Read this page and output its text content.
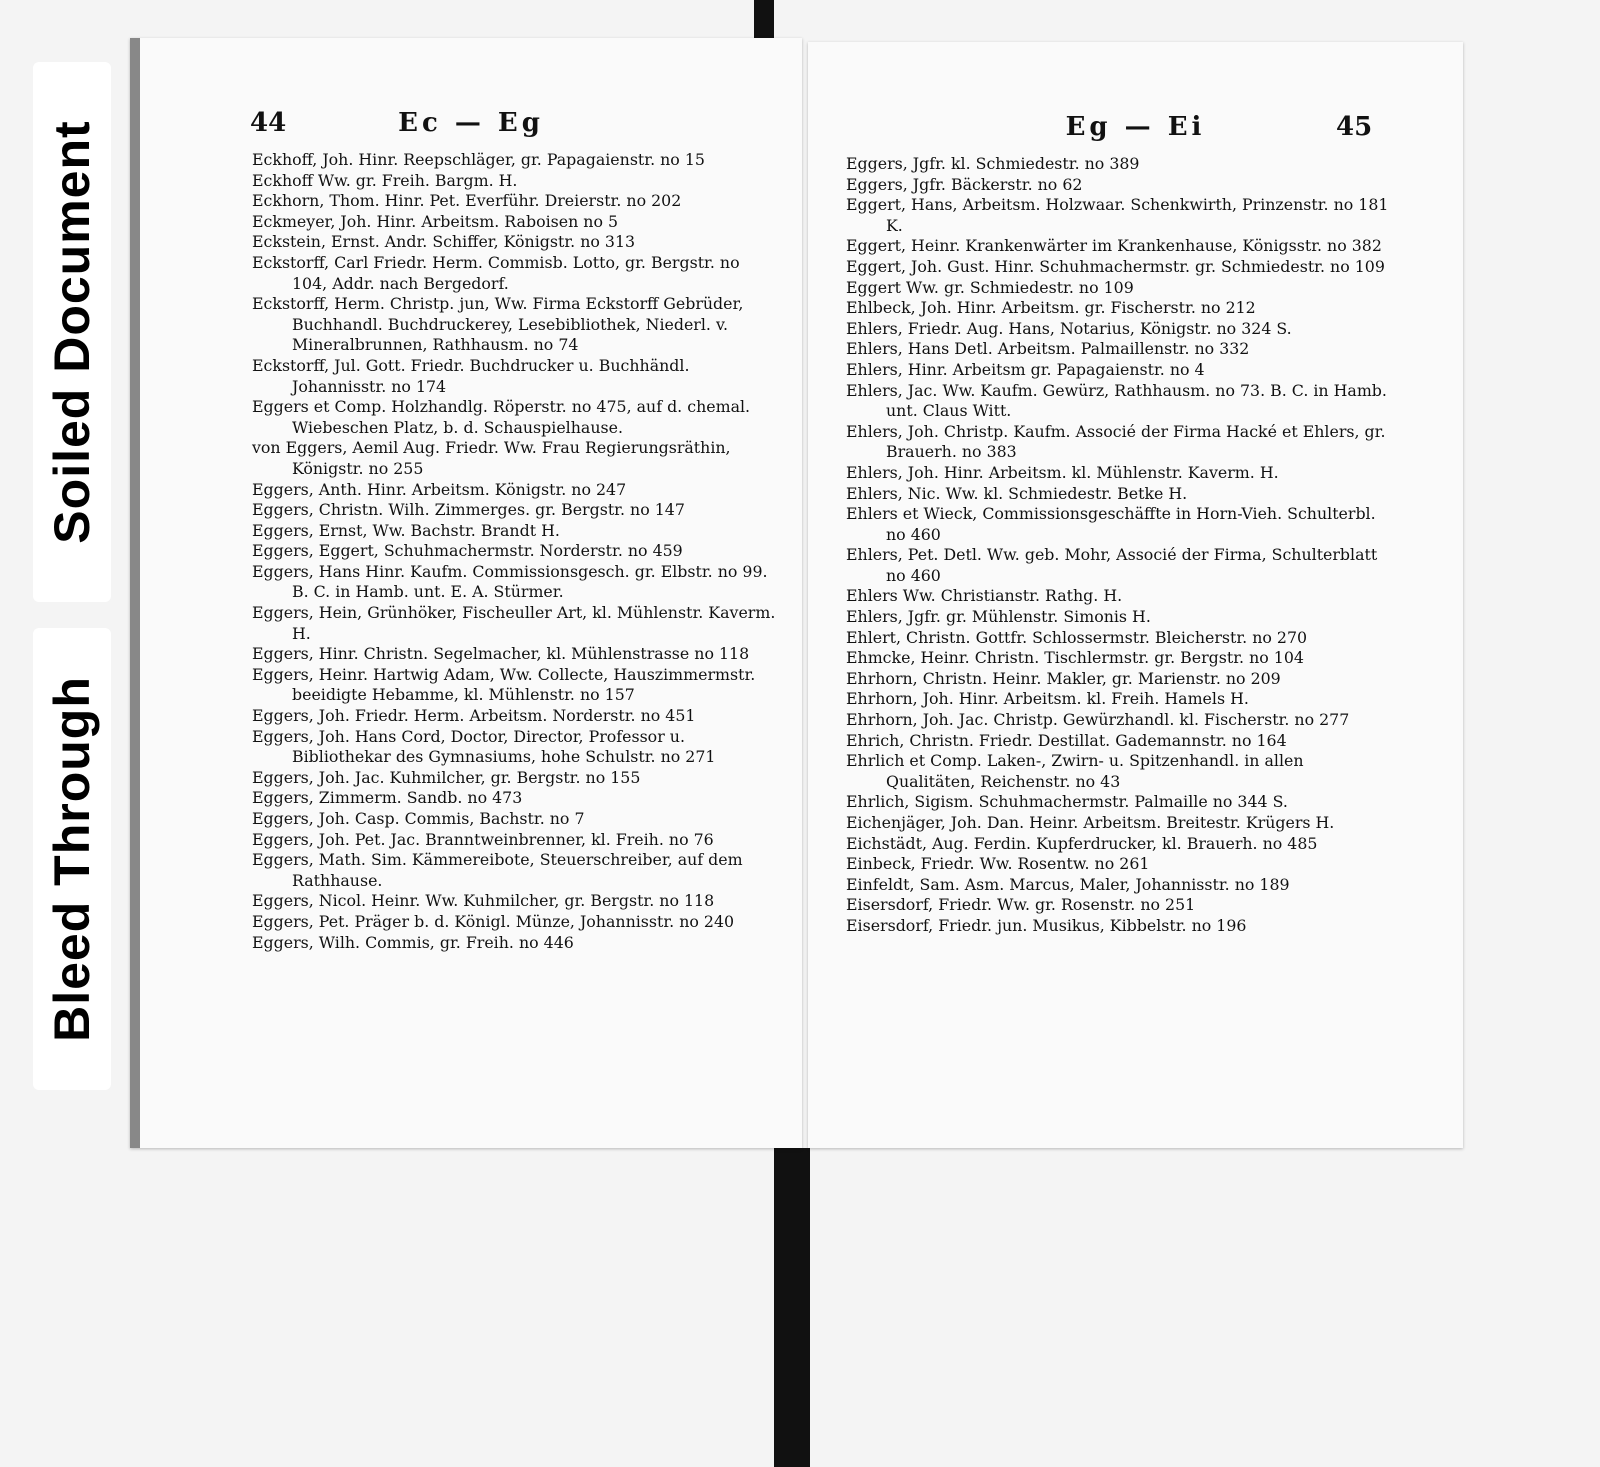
Soiled Document
Bleed Through
44	Ec — Eg
Eckhoff, Joh. Hinr. Reepschläger, gr. Papagaienstr. no 15
Eckhoff Ww. gr. Freih. Bargm. H.
Eckhorn, Thom. Hinr. Pet. Everführ. Dreierstr. no 202
Eckmeyer, Joh. Hinr. Arbeitsm. Raboisen no 5
Eckstein, Ernst. Andr. Schiffer, Königstr. no 313
Eckstorff, Carl Friedr. Herm. Commisb. Lotto, gr. Bergstr. no 104, Addr. nach Bergedorf.
Eckstorff, Herm. Christp. jun, Ww. Firma Eckstorff Gebrüder, Buchhandl. Buchdruckerey, Lesebibliothek, Niederl. v. Mineralbrunnen, Rathhausm. no 74
Eckstorff, Jul. Gott. Friedr. Buchdrucker u. Buchhändl. Johannisstr. no 174
Eggers et Comp. Holzhandlg. Röperstr. no 475, auf d. chemal. Wiebeschen Platz, b. d. Schauspielhause.
von Eggers, Aemil Aug. Friedr. Ww. Frau Regierungsräthin, Königstr. no 255
Eggers, Anth. Hinr. Arbeitsm. Königstr. no 247
Eggers, Christn. Wilh. Zimmerges. gr. Bergstr. no 147
Eggers, Ernst, Ww. Bachstr. Brandt H.
Eggers, Eggert, Schuhmachermstr. Norderstr. no 459
Eggers, Hans Hinr. Kaufm. Commissionsgesch. gr. Elbstr. no 99. B. C. in Hamb. unt. E. A. Stürmer.
Eggers, Hein, Grünhöker, Fischeuller Art, kl. Mühlenstr. Kaverm. H.
Eggers, Hinr. Christn. Segelmacher, kl. Mühlenstrasse no 118
Eggers, Heinr. Hartwig Adam, Ww. Collecte, Hauszimmermstr. beeidigte Hebamme, kl. Mühlenstr. no 157
Eggers, Joh. Friedr. Herm. Arbeitsm. Norderstr. no 451
Eggers, Joh. Hans Cord, Doctor, Director, Professor u. Bibliothekar des Gymnasiums, hohe Schulstr. no 271
Eggers, Joh. Jac. Kuhmilcher, gr. Bergstr. no 155
Eggers, Zimmerm. Sandb. no 473
Eggers, Joh. Casp. Commis, Bachstr. no 7
Eggers, Joh. Pet. Jac. Branntweinbrenner, kl. Freih. no 76
Eggers, Math. Sim. Kämmereibote, Steuerschreiber, auf dem Rathhause.
Eggers, Nicol. Heinr. Ww. Kuhmilcher, gr. Bergstr. no 118
Eggers, Pet. Präger b. d. Königl. Münze, Johannisstr. no 240
Eggers, Wilh. Commis, gr. Freih. no 446
Eg — Ei	45
Eggers, Jgfr. kl. Schmiedestr. no 389
Eggers, Jgfr. Bäckerstr. no 62
Eggert, Hans, Arbeitsm. Holzwaar. Schenkwirth, Prinzenstr. no 181 K.
Eggert, Heinr. Krankenwärter im Krankenhause, Königsstr. no 382
Eggert, Joh. Gust. Hinr. Schuhmachermstr. gr. Schmiedestr. no 109
Eggert Ww. gr. Schmiedestr. no 109
Ehlbeck, Joh. Hinr. Arbeitsm. gr. Fischerstr. no 212
Ehlers, Friedr. Aug. Hans, Notarius, Königstr. no 324 S.
Ehlers, Hans Detl. Arbeitsm. Palmaillenstr. no 332
Ehlers, Hinr. Arbeitsm gr. Papagaienstr. no 4
Ehlers, Jac. Ww. Kaufm. Gewürz, Rathhausm. no 73. B. C. in Hamb. unt. Claus Witt.
Ehlers, Joh. Christp. Kaufm. Associé der Firma Hacké et Ehlers, gr. Brauerh. no 383
Ehlers, Joh. Hinr. Arbeitsm. kl. Mühlenstr. Kaverm. H.
Ehlers, Nic. Ww. kl. Schmiedestr. Betke H.
Ehlers et Wieck, Commissionsgeschäffte in Horn-Vieh. Schulterbl. no 460
Ehlers, Pet. Detl. Ww. geb. Mohr, Associé der Firma, Schulterblatt no 460
Ehlers Ww. Christianstr. Rathg. H.
Ehlers, Jgfr. gr. Mühlenstr. Simonis H.
Ehlert, Christn. Gottfr. Schlossermstr. Bleicherstr. no 270
Ehmcke, Heinr. Christn. Tischlermstr. gr. Bergstr. no 104
Ehrhorn, Christn. Heinr. Makler, gr. Marienstr. no 209
Ehrhorn, Joh. Hinr. Arbeitsm. kl. Freih. Hamels H.
Ehrhorn, Joh. Jac. Christp. Gewürzhandl. kl. Fischerstr. no 277
Ehrich, Christn. Friedr. Destillat. Gademannstr. no 164
Ehrlich et Comp. Laken-, Zwirn- u. Spitzenhandl. in allen Qualitäten, Reichenstr. no 43
Ehrlich, Sigism. Schuhmachermstr. Palmaille no 344 S.
Eichenjäger, Joh. Dan. Heinr. Arbeitsm. Breitestr. Krügers H.
Eichstädt, Aug. Ferdin. Kupferdrucker, kl. Brauerh. no 485
Einbeck, Friedr. Ww. Rosentw. no 261
Einfeldt, Sam. Asm. Marcus, Maler, Johannisstr. no 189
Eisersdorf, Friedr. Ww. gr. Rosenstr. no 251
Eisersdorf, Friedr. jun. Musikus, Kibbelstr. no 196
